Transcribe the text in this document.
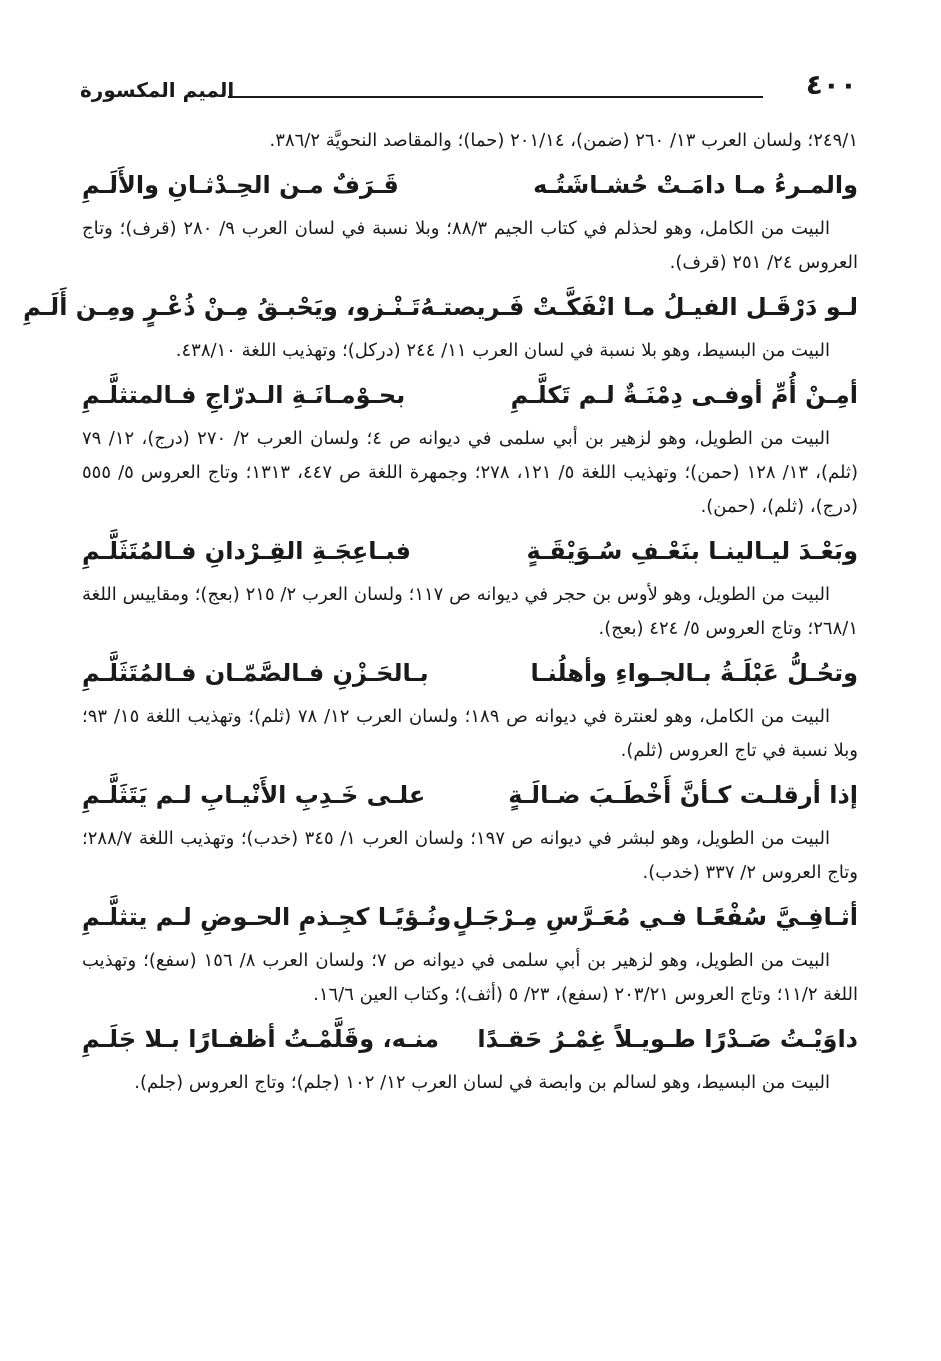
٤٠٠
الميم المكسورة

٢٤٩/١؛ ولسان العرب ١٣/ ٢٦٠ (ضمن)، ٢٠١/١٤ (حما)؛ والمقاصد النحويَّة ٣٨٦/٢.

والمـرءُ مـا دامَـتْ حُشـاشَتُـه
قَـرَفٌ مـن الحِـدْثـانِ والأَلَـمِ

البيت من الكامل، وهو لحذلم في كتاب الجيم ٨٨/٣؛ وبلا نسبة في لسان العرب ٩/ ٢٨٠ (قرف)؛ وتاج العروس ٢٤/ ٢٥١ (قرف).

لـو دَرْقَـل الفيـلُ مـا انْفَكَّـتْ فَـريصتـهُ
تَـنْـزو، ويَحْبـقُ مِـنْ ذُعْـرٍ ومِـن أَلَـمِ

البيت من البسيط، وهو بلا نسبة في لسان العرب ١١/ ٢٤٤ (دركل)؛ وتهذيب اللغة ٤٣٨/١٠.

أمِـنْ أُمِّ أوفـى دِمْنَـةٌ لـم تَكلَّـمِ
بحـوْمـانَـةِ الـدرّاجِ فـالمتثلَّـمِ

البيت من الطويل، وهو لزهير بن أبي سلمى في ديوانه ص ٤؛ ولسان العرب ٢/ ٢٧٠ (درج)، ١٢/ ٧٩ (ثلم)، ١٣/ ١٢٨ (حمن)؛ وتهذيب اللغة ٥/ ١٢١، ٢٧٨؛ وجمهرة اللغة ص ٤٤٧، ١٣١٣؛ وتاج العروس ٥/ ٥٥٥ (درج)، (ثلم)، (حمن).

وبَعْـدَ ليـالينـا بنَعْـفِ سُـوَيْقَـةٍ
فبـاعِجَـةِ القِـرْدانِ فـالمُتَثَلَّـمِ

البيت من الطويل، وهو لأوس بن حجر في ديوانه ص ١١٧؛ ولسان العرب ٢/ ٢١٥ (بعج)؛ ومقاييس اللغة ٢٦٨/١؛ وتاج العروس ٥/ ٤٢٤ (بعج).

وتحُـلُّ عَبْلَـةُ بـالجـواءِ وأهلُنـا
بـالحَـزْنِ فـالصَّمّـان فـالمُتَثَلَّـمِ

البيت من الكامل، وهو لعنترة في ديوانه ص ١٨٩؛ ولسان العرب ١٢/ ٧٨ (ثلم)؛ وتهذيب اللغة ١٥/ ٩٣؛ وبلا نسبة في تاج العروس (ثلم).

إذا أرقلـت كـأنَّ أَخْطَـبَ ضـالَـةٍ
علـى خَـدِبِ الأَنْيـابِ لـم يَتَثَلَّـمِ

البيت من الطويل، وهو لبشر في ديوانه ص ١٩٧؛ ولسان العرب ١/ ٣٤٥ (خدب)؛ وتهذيب اللغة ٢٨٨/٧؛ وتاج العروس ٢/ ٣٣٧ (خدب).

أثـافِـيَّ سُفْعًـا فـي مُعَـرَّسِ مِـرْجَـلٍ
ونُـؤيًـا كجِـذمِ الحـوضِ لـم يتثلَّـمِ

البيت من الطويل، وهو لزهير بن أبي سلمى في ديوانه ص ٧؛ ولسان العرب ٨/ ١٥٦ (سفع)؛ وتهذيب اللغة ١١/٢؛ وتاج العروس ٢٠٣/٢١ (سفع)، ٢٣/ ٥ (أثف)؛ وكتاب العين ١٦/٦.

داوَيْـتُ صَـدْرًا طـويـلاً غِمْـرُ حَقـدًا
منـه، وقَلَّمْـتُ أظفـارًا بـلا جَلَـمِ

البيت من البسيط، وهو لسالم بن وابصة في لسان العرب ١٢/ ١٠٢ (جلم)؛ وتاج العروس (جلم).
